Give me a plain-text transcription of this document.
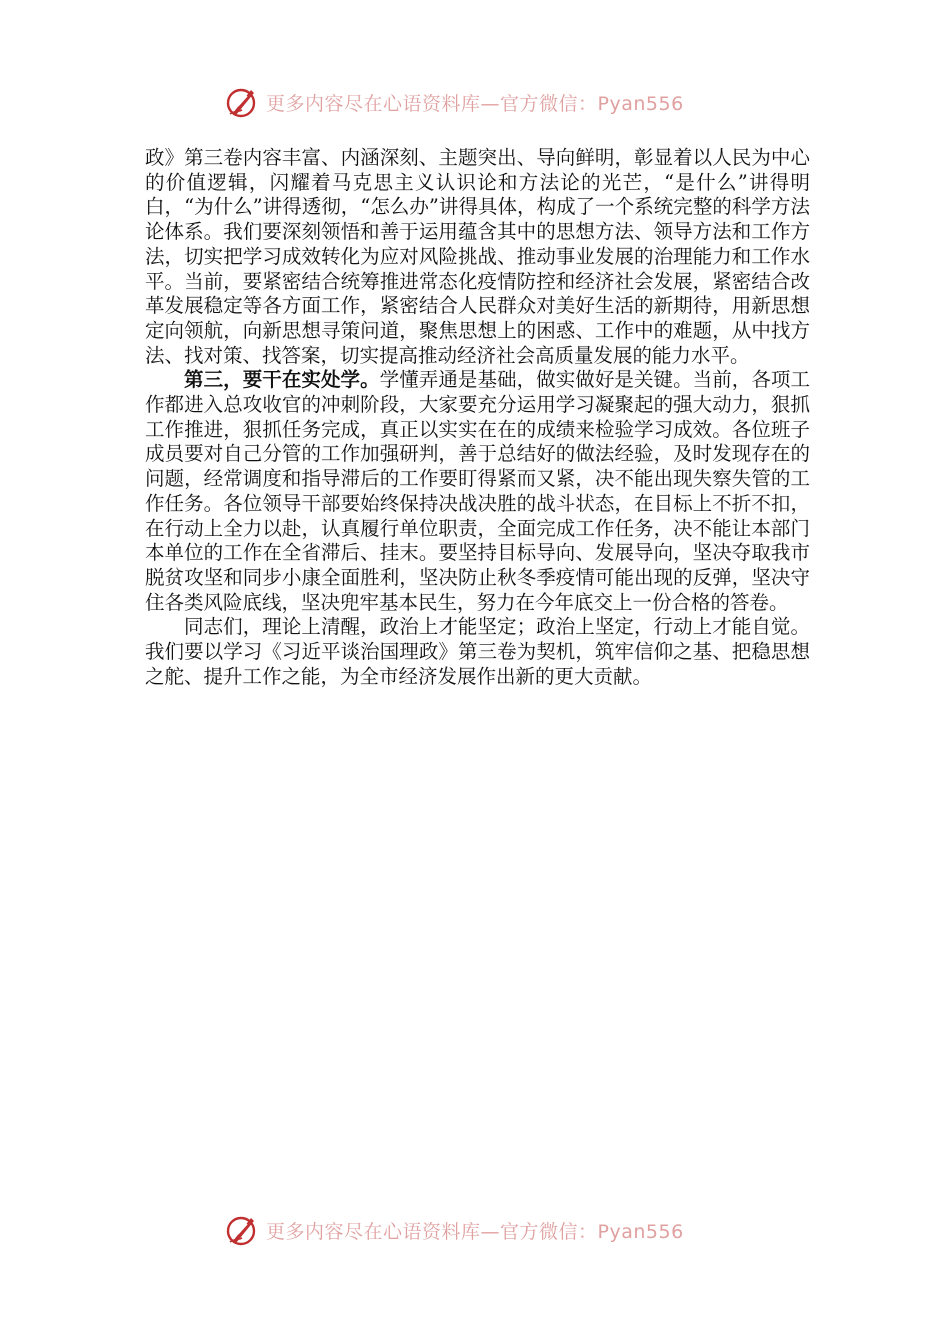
更多内容尽在心语资料库—官方微信：Pyan556

政》第三卷内容丰富、内涵深刻、主题突出、导向鲜明，彰显着以人民为中心的价值逻辑，闪耀着马克思主义认识论和方法论的光芒，“是什么”讲得明白，“为什么”讲得透彻，“怎么办”讲得具体，构成了一个系统完整的科学方法论体系。我们要深刻领悟和善于运用蕴含其中的思想方法、领导方法和工作方法，切实把学习成效转化为应对风险挑战、推动事业发展的治理能力和工作水平。当前，要紧密结合统筹推进常态化疫情防控和经济社会发展，紧密结合改革发展稳定等各方面工作，紧密结合人民群众对美好生活的新期待，用新思想定向领航，向新思想寻策问道，聚焦思想上的困惑、工作中的难题，从中找方法、找对策、找答案，切实提高推动经济社会高质量发展的能力水平。

第三，要干在实处学。学懂弄通是基础，做实做好是关键。当前，各项工作都进入总攻收官的冲刺阶段，大家要充分运用学习凝聚起的强大动力，狠抓工作推进，狠抓任务完成，真正以实实在在的成绩来检验学习成效。各位班子成员要对自己分管的工作加强研判，善于总结好的做法经验，及时发现存在的问题，经常调度和指导滞后的工作要盯得紧而又紧，决不能出现失察失管的工作任务。各位领导干部要始终保持决战决胜的战斗状态，在目标上不折不扣，在行动上全力以赴，认真履行单位职责，全面完成工作任务，决不能让本部门本单位的工作在全省滞后、挂末。要坚持目标导向、发展导向，坚决夺取我市脱贫攻坚和同步小康全面胜利，坚决防止秋冬季疫情可能出现的反弹，坚决守住各类风险底线，坚决兜牢基本民生，努力在今年底交上一份合格的答卷。

同志们，理论上清醒，政治上才能坚定；政治上坚定，行动上才能自觉。我们要以学习《习近平谈治国理政》第三卷为契机，筑牢信仰之基、把稳思想之舵、提升工作之能，为全市经济发展作出新的更大贡献。

更多内容尽在心语资料库—官方微信：Pyan556
